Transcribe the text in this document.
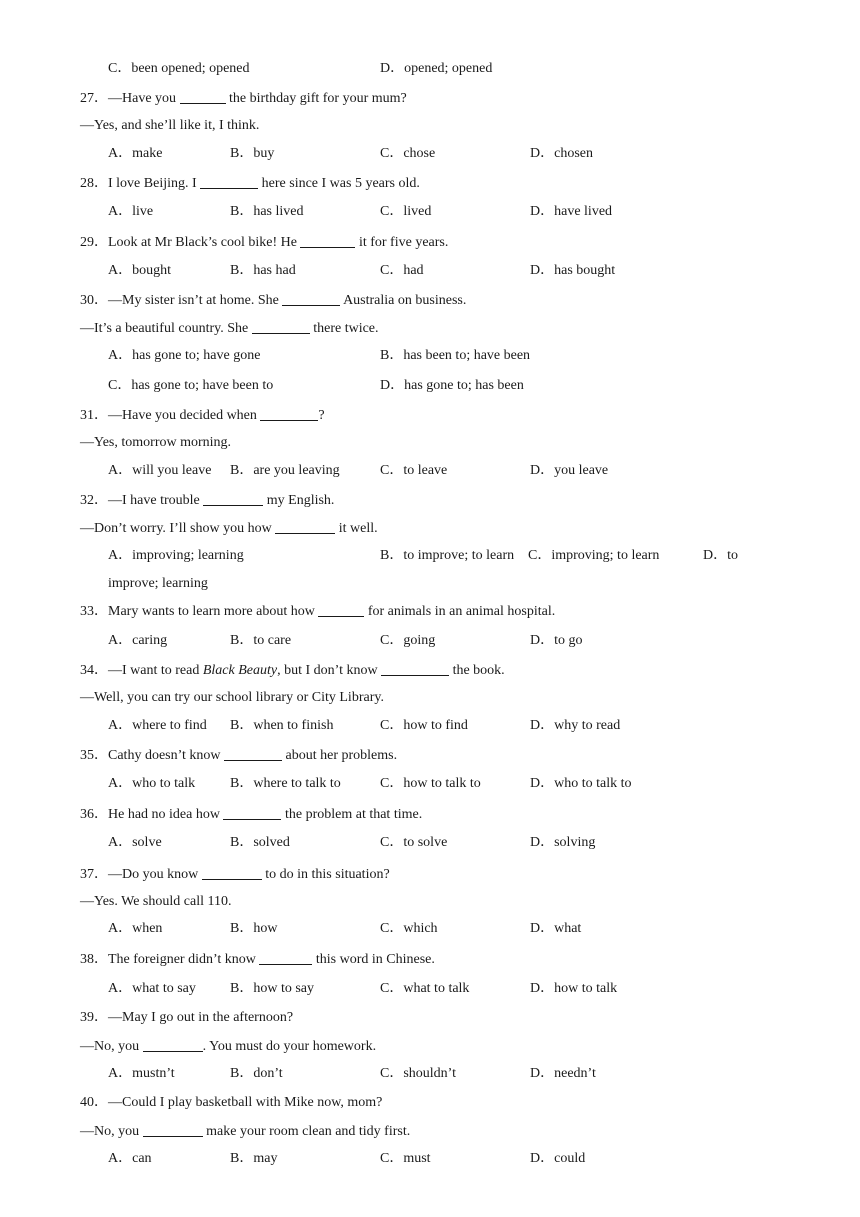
C．been opened; opened	D．opened; opened
27．—Have you	the birthday gift for your mum?
—Yes, and she’ll like it, I think.
A．make	B．buy	C．chose	D．chosen
28．I love Beijing. I	here since I was 5 years old.
A．live	B．has lived	C．lived	D．have lived
29．Look at Mr Black’s cool bike! He	it for five years.
A．bought	B．has had	C．had	D．has bought
30．—My sister isn’t at home. She	Australia on business.
—It’s a beautiful country. She	there twice.
A．has gone to; have gone	B．has been to; have been
C．has gone to; have been to	D．has gone to; has been
31．—Have you decided when	?
—Yes, tomorrow morning.
A．will you leave B．are you leaving	C．to leave	D．you leave
32．—I have trouble	my English.
—Don’t worry. I’ll show you how	it well.
A．improving; learning	B．to improve; to learn C．improving; to learn	D．to
improve; learning
33．Mary wants to learn more about how	for animals in an animal hospital.
A．caring	B．to care	C．going	D．to go
34．—I want to read Black Beauty, but I don’t know	the book.
—Well, you can try our school library or City Library.
A．where to find B．when to finish	C．how to find	D．why to read
35．Cathy doesn’t know	about her problems.
A．who to talk B．where to talk to	C．how to talk to	D．who to talk to
36．He had no idea how	the problem at that time.
A．solve	B．solved	C．to solve	D．solving
37．—Do you know	to do in this situation?
—Yes. We should call 110.
A．when	B．how	C．which	D．what
38．The foreigner didn’t know	this word in Chinese.
A．what to say B．how to say	C．what to talk	D．how to talk
39．—May I go out in the afternoon?
—No, you	. You must do your homework.
A．mustn’t	B．don’t	C．shouldn’t	D．needn’t
40．—Could I play basketball with Mike now, mom?
—No, you	make your room clean and tidy first.
A．can	B．may	C．must	D．could
